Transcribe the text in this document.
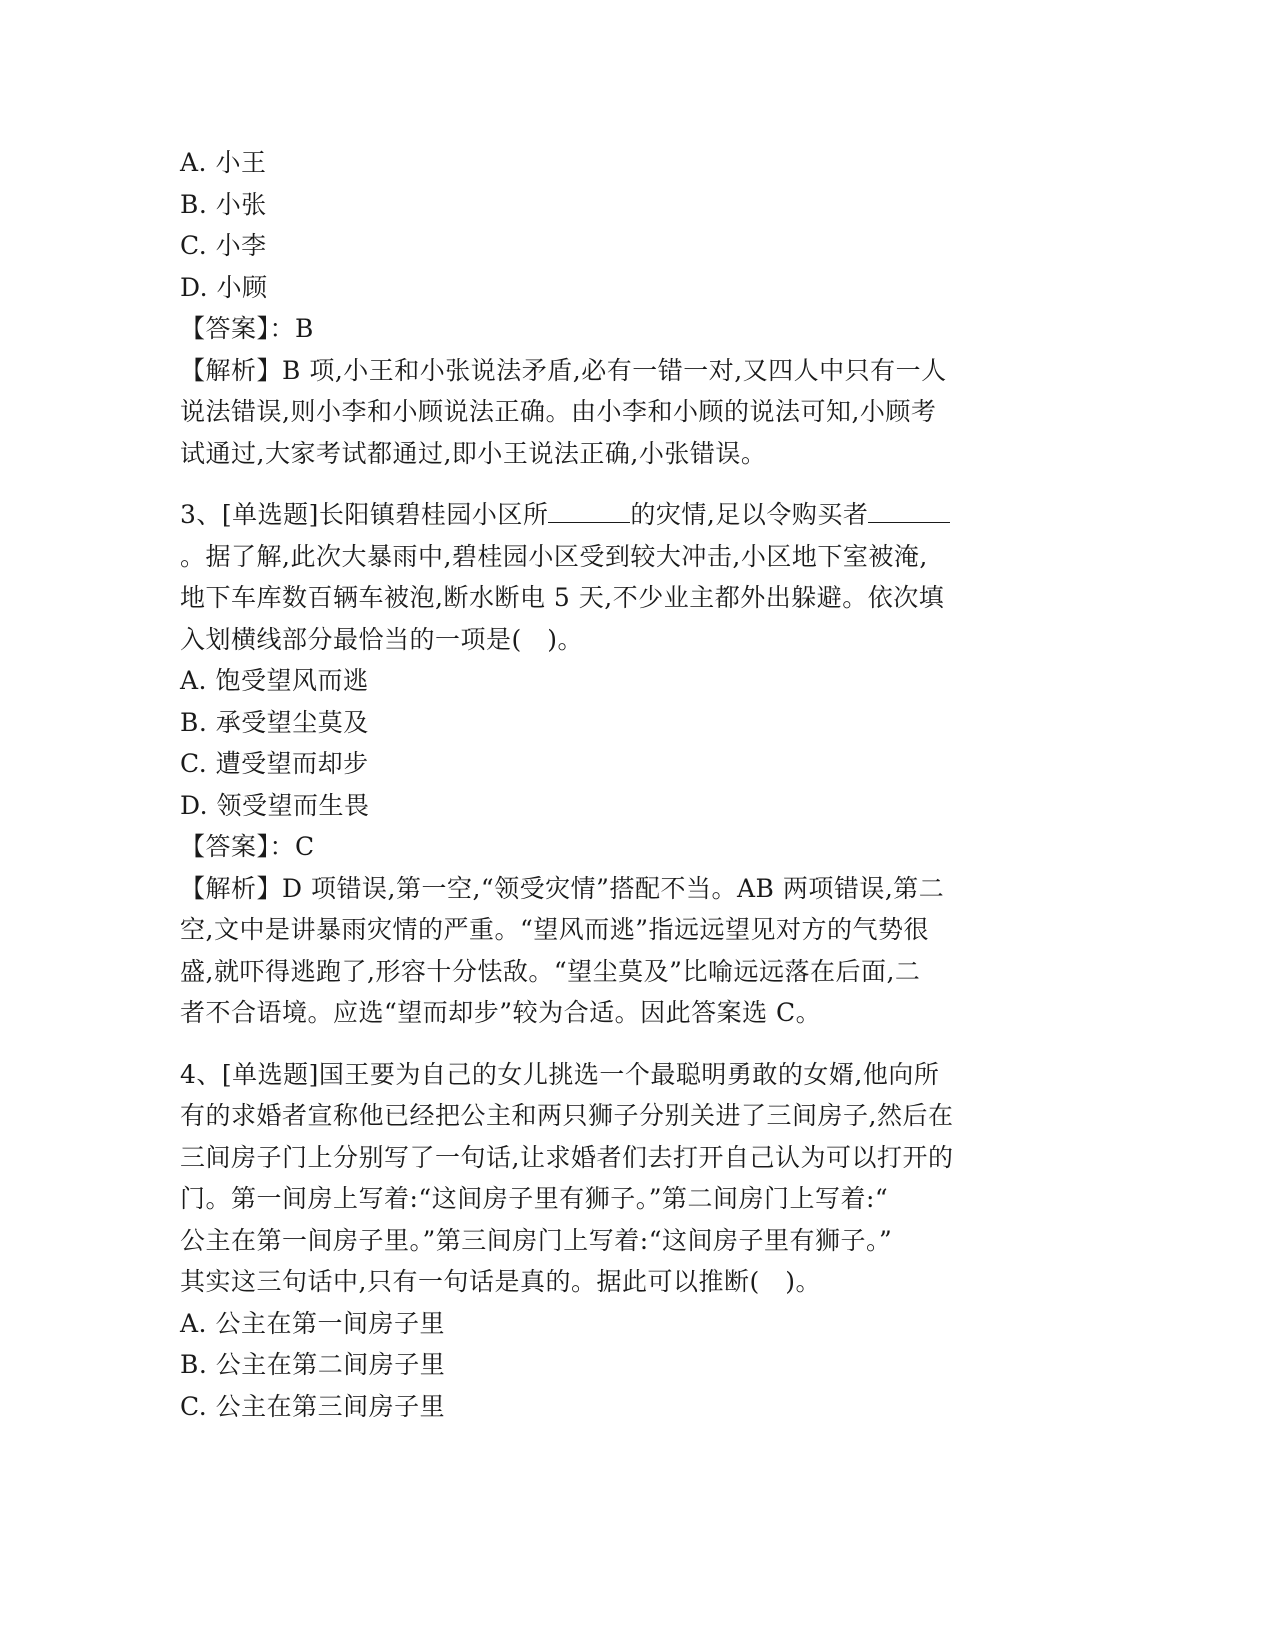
A. 小王
B. 小张
C. 小李
D. 小顾
【答案】：B
【解析】B 项,小王和小张说法矛盾,必有一错一对,又四人中只有一人
说法错误,则小李和小顾说法正确。由小李和小顾的说法可知,小顾考
试通过,大家考试都通过,即小王说法正确,小张错误。
3、[单选题]长阳镇碧桂园小区所	的灾情,足以令购买者
。据了解,此次大暴雨中,碧桂园小区受到较大冲击,小区地下室被淹,
地下车库数百辆车被泡,断水断电 5 天,不少业主都外出躲避。依次填
入划横线部分最恰当的一项是(　)。
A. 饱受望风而逃
B. 承受望尘莫及
C. 遭受望而却步
D. 领受望而生畏
【答案】：C
【解析】D 项错误,第一空,“领受灾情”搭配不当。AB 两项错误,第二
空,文中是讲暴雨灾情的严重。“望风而逃”指远远望见对方的气势很
盛,就吓得逃跑了,形容十分怯敌。“望尘莫及”比喻远远落在后面,二
者不合语境。应选“望而却步”较为合适。因此答案选 C。
4、[单选题]国王要为自己的女儿挑选一个最聪明勇敢的女婿,他向所
有的求婚者宣称他已经把公主和两只狮子分别关进了三间房子,然后在
三间房子门上分别写了一句话,让求婚者们去打开自己认为可以打开的
门。第一间房上写着:“这间房子里有狮子。”第二间房门上写着:“
公主在第一间房子里。”第三间房门上写着:“这间房子里有狮子。”
其实这三句话中,只有一句话是真的。据此可以推断(　)。
A. 公主在第一间房子里
B. 公主在第二间房子里
C. 公主在第三间房子里
